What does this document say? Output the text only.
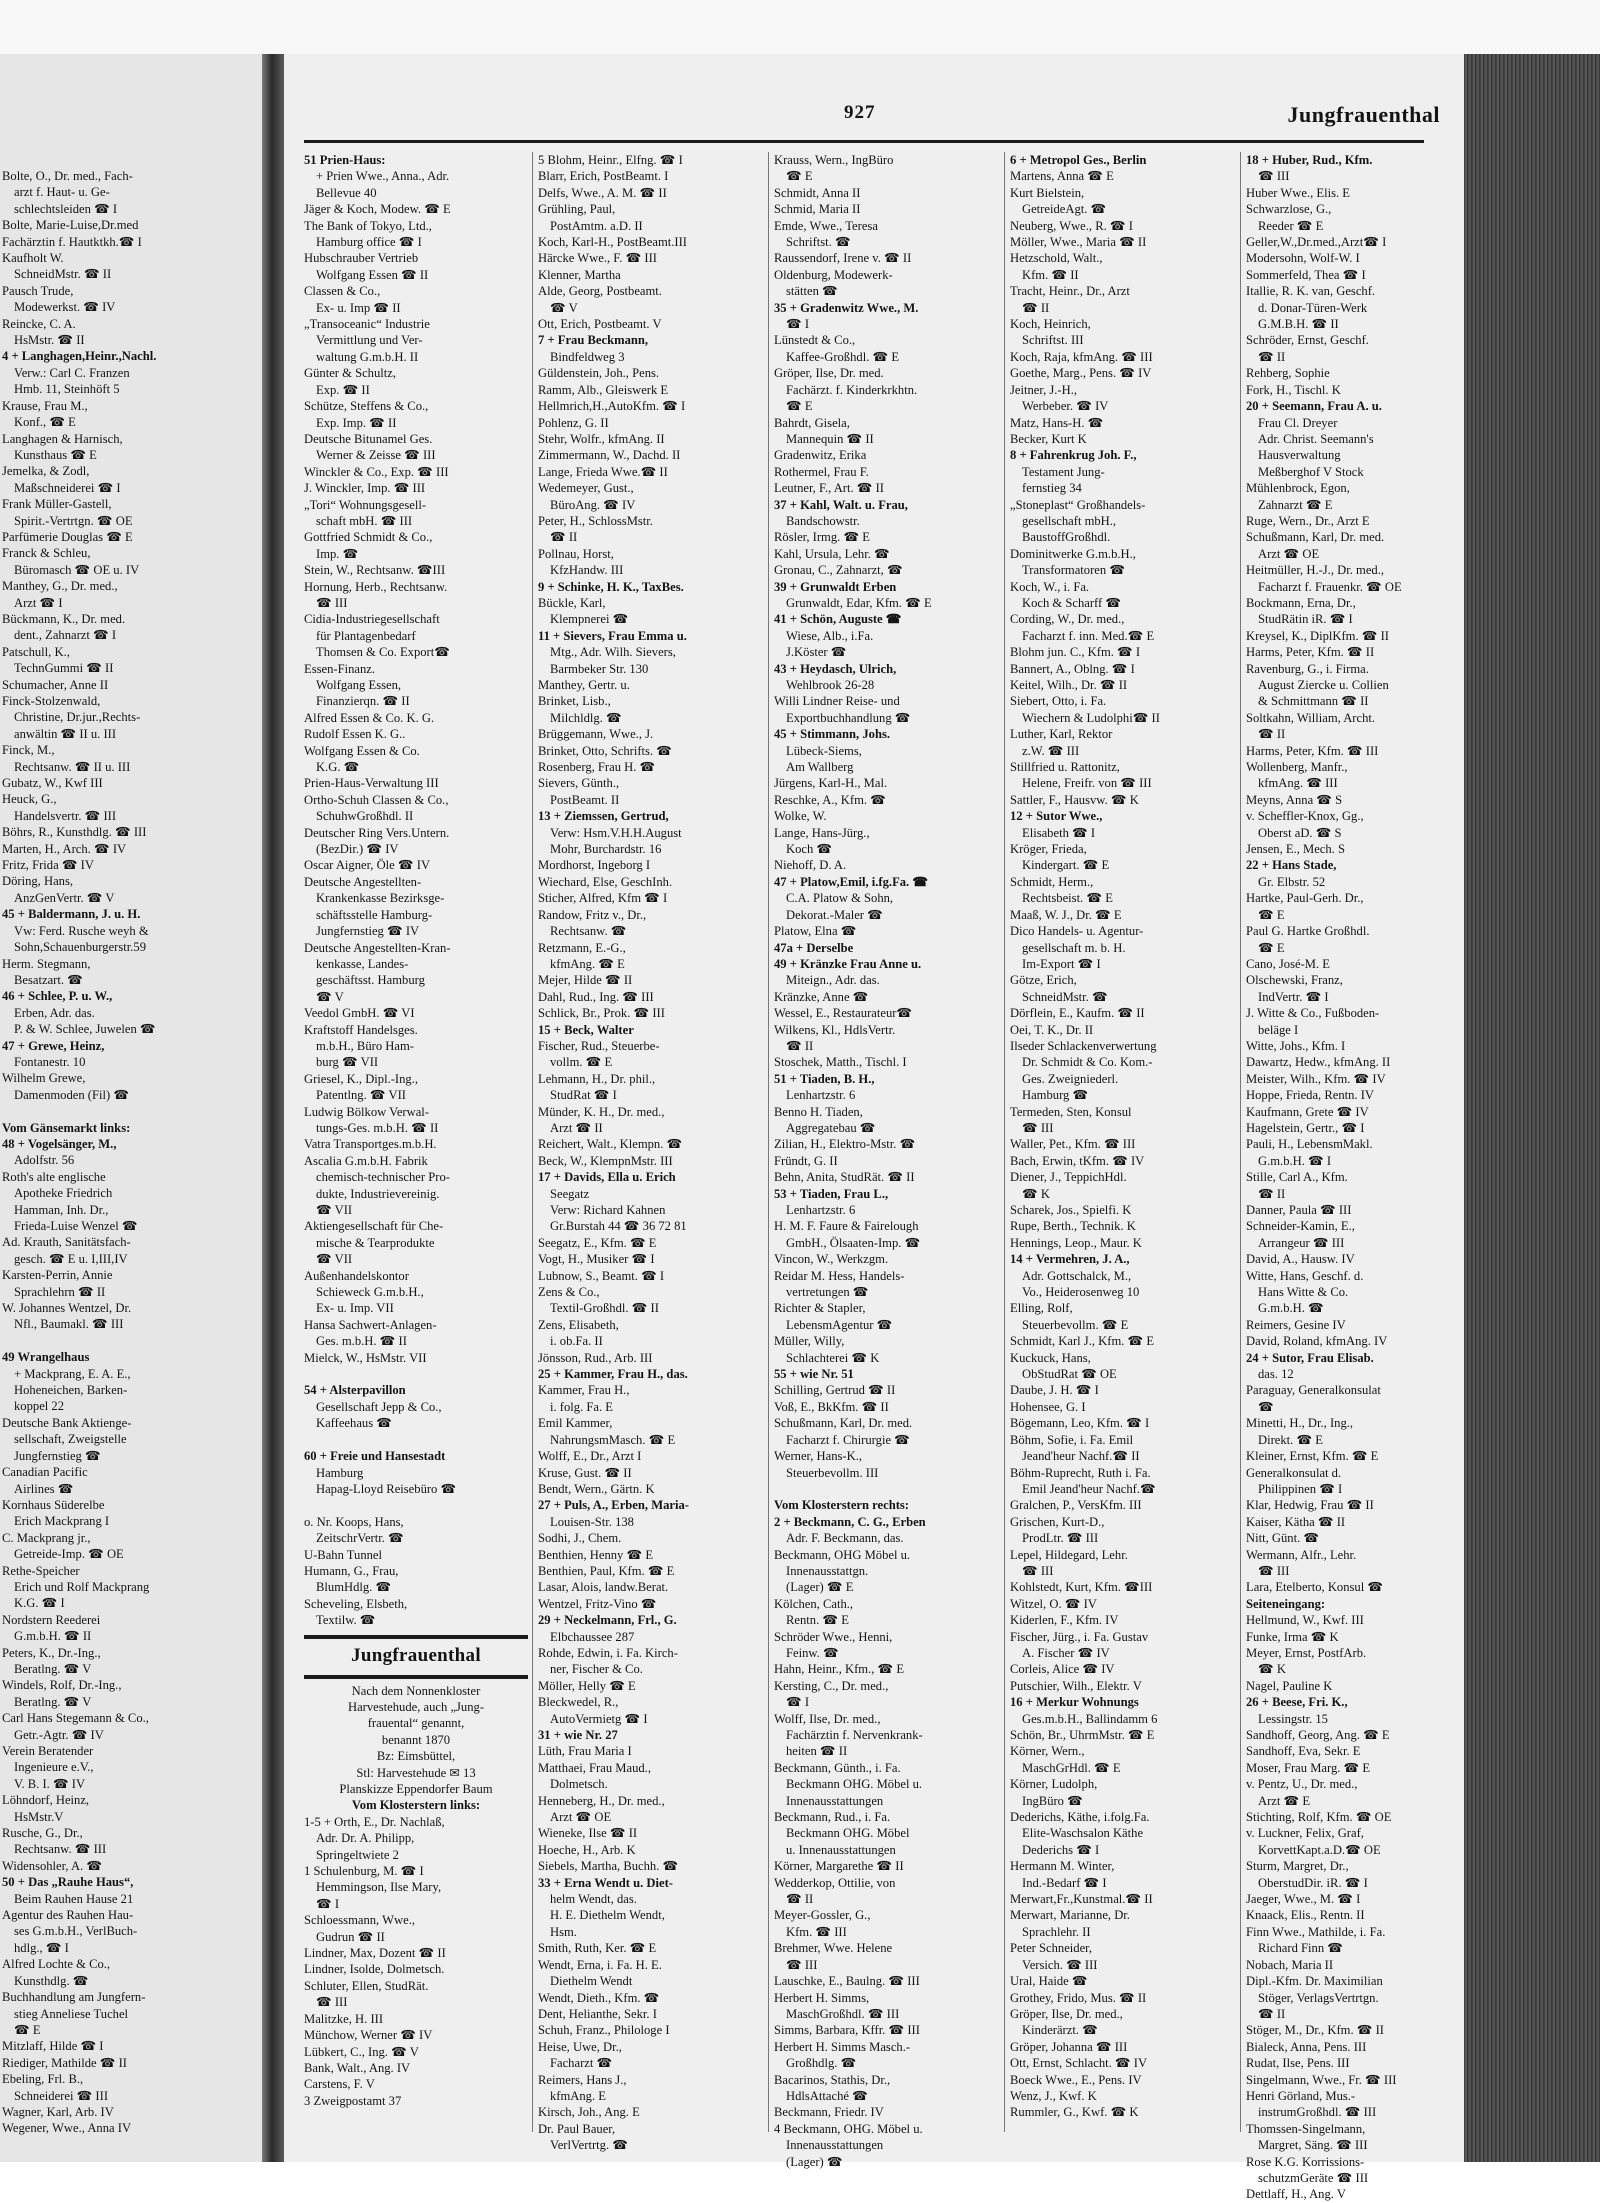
Bolte, O., Dr. med., Fach-
arzt f. Haut- u. Ge-
schlechtsleiden ☎ I
Bolte, Marie-Luise,Dr.med
Fachärztin f. Hautktkh.☎ I
Kaufholt W.
SchneidMstr. ☎ II
Pausch Trude,
Modewerkst. ☎ IV
Reincke, C. A.
HsMstr. ☎ II
4 + Langhagen,Heinr.,Nachl.
Verw.: Carl C. Franzen
Hmb. 11, Steinhöft 5
Krause, Frau M.,
Konf., ☎ E
Langhagen & Harnisch,
Kunsthaus ☎ E
Jemelka, & Zodl,
Maßschneiderei ☎ I
Frank Müller-Gastell,
Spirit.-Vertrtgn. ☎ OE
Parfümerie Douglas ☎ E
Franck & Schleu,
Büromasch ☎ OE u. IV
Manthey, G., Dr. med.,
Arzt ☎ I
Bückmann, K., Dr. med.
dent., Zahnarzt ☎ I
Patschull, K.,
TechnGummi ☎ II
Schumacher, Anne II
Finck-Stolzenwald,
Christine, Dr.jur.,Rechts-
anwältin ☎ II u. III
Finck, M.,
Rechtsanw. ☎ II u. III
Gubatz, W., Kwf III
Heuck, G.,
Handelsvertr. ☎ III
Böhrs, R., Kunsthdlg. ☎ III
Marten, H., Arch. ☎ IV
Fritz, Frida ☎ IV
Döring, Hans,
AnzGenVertr. ☎ V
45 + Baldermann, J. u. H.
Vw: Ferd. Rusche weyh &
Sohn,Schauenburgerstr.59
Herm. Stegmann,
Besatzart. ☎
46 + Schlee, P. u. W.,
Erben, Adr. das.
P. & W. Schlee, Juwelen ☎
47 + Grewe, Heinz,
Fontanestr. 10
Wilhelm Grewe,
Damenmoden (Fil) ☎

Vom Gänsemarkt links:
48 + Vogelsänger, M.,
Adolfstr. 56
Roth's alte englische
Apotheke Friedrich
Hamman, Inh. Dr.,
Frieda-Luise Wenzel ☎
Ad. Krauth, Sanitätsfach-
gesch. ☎ E u. I,III,IV
Karsten-Perrin, Annie
Sprachlehrn ☎ II
W. Johannes Wentzel, Dr.
Nfl., Baumakl. ☎ III

49 Wrangelhaus
+ Mackprang, E. A. E.,
Hoheneichen, Barken-
koppel 22
Deutsche Bank Aktienge-
sellschaft, Zweigstelle
Jungfernstieg ☎
Canadian Pacific
Airlines ☎
Kornhaus Süderelbe
Erich Mackprang I
C. Mackprang jr.,
Getreide-Imp. ☎ OE
Rethe-Speicher
Erich und Rolf Mackprang
K.G. ☎ I
Nordstern Reederei
G.m.b.H. ☎ II
Peters, K., Dr.-Ing.,
Beratlng. ☎ V
Windels, Rolf, Dr.-Ing.,
Beratlng. ☎ V
Carl Hans Stegemann & Co.,
Getr.-Agtr. ☎ IV
Verein Beratender
Ingenieure e.V.,
V. B. I. ☎ IV
Löhndorf, Heinz,
HsMstr.V
Rusche, G., Dr.,
Rechtsanw. ☎ III
Widensohler, A. ☎
50 + Das „Rauhe Haus“,
Beim Rauhen Hause 21
Agentur des Rauhen Hau-
ses G.m.b.H., VerlBuch-
hdlg., ☎ I
Alfred Lochte & Co.,
Kunsthdlg. ☎
Buchhandlung am Jungfern-
stieg Anneliese Tuchel
☎ E
Mitzlaff, Hilde ☎ I
Riediger, Mathilde ☎ II
Ebeling, Frl. B.,
Schneiderei ☎ III
Wagner, Karl, Arb. IV
Wegener, Wwe., Anna IV
927	Jungfrauenthal
51 Prien-Haus:
+ Prien Wwe., Anna., Adr.
Bellevue 40
Jäger & Koch, Modew. ☎ E
The Bank of Tokyo, Ltd.,
Hamburg office ☎ I
Hubschrauber Vertrieb
Wolfgang Essen ☎ II
Classen & Co.,
Ex- u. Imp ☎ II
„Transoceanic“ Industrie
Vermittlung und Ver-
waltung G.m.b.H. II
Günter & Schultz,
Exp. ☎ II
Schütze, Steffens & Co.,
Exp. Imp. ☎ II
Deutsche Bitunamel Ges.
Werner & Zeisse ☎ III
Winckler & Co., Exp. ☎ III
J. Winckler, Imp. ☎ III
„Tori“ Wohnungsgesell-
schaft mbH. ☎ III
Gottfried Schmidt & Co.,
Imp. ☎
Stein, W., Rechtsanw. ☎III
Hornung, Herb., Rechtsanw.
☎ III
Cidia-Industriegesellschaft
für Plantagenbedarf
Thomsen & Co. Export☎
Essen-Finanz.
Wolfgang Essen,
Finanzierqn. ☎ II
Alfred Essen & Co. K. G.
Rudolf Essen K. G..
Wolfgang Essen & Co.
K.G. ☎
Prien-Haus-Verwaltung III
Ortho-Schuh Classen & Co.,
SchuhwGroßhdl. II
Deutscher Ring Vers.Untern.
(BezDir.) ☎ IV
Oscar Aigner, Öle ☎ IV
Deutsche Angestellten-
Krankenkasse Bezirksge-
schäftsstelle Hamburg-
Jungfernstieg ☎ IV
Deutsche Angestellten-Kran-
kenkasse, Landes-
geschäftsst. Hamburg
☎ V
Veedol GmbH. ☎ VI
Kraftstoff Handelsges.
m.b.H., Büro Ham-
burg ☎ VII
Griesel, K., Dipl.-Ing.,
Patentlng. ☎ VII
Ludwig Bölkow Verwal-
tungs-Ges. m.b.H. ☎ II
Vatra Transportges.m.b.H.
Ascalia G.m.b.H. Fabrik
chemisch-technischer Pro-
dukte, Industrievereinig.
☎ VII
Aktiengesellschaft für Che-
mische & Tearprodukte
☎ VII
Außenhandelskontor
Schieweck G.m.b.H.,
Ex- u. Imp. VII
Hansa Sachwert-Anlagen-
Ges. m.b.H. ☎ II
Mielck, W., HsMstr. VII

54 + Alsterpavillon
Gesellschaft Jepp & Co.,
Kaffeehaus ☎

60 + Freie und Hansestadt
Hamburg
Hapag-Lloyd Reisebüro ☎

o. Nr. Koops, Hans,
ZeitschrVertr. ☎
U-Bahn Tunnel
Humann, G., Frau,
BlumHdlg. ☎
Scheveling, Elsbeth,
Textilw. ☎
Jungfrauenthal
Nach dem Nonnenkloster
Harvestehude, auch „Jung-
frauental“ genannt,
benannt 1870
Bz: Eimsbüttel,
Stl: Harvestehude ✉ 13
Planskizze Eppendorfer Baum
Vom Klosterstern links:
1-5 + Orth, E., Dr. Nachlaß,
Adr. Dr. A. Philipp,
Springeltwiete 2
1 Schulenburg, M. ☎ I
Hemmingson, Ilse Mary,
☎ I
Schloessmann, Wwe.,
Gudrun ☎ II
Lindner, Max, Dozent ☎ II
Lindner, Isolde, Dolmetsch.
Schluter, Ellen, StudRät.
☎ III
Malitzke, H. III
Münchow, Werner ☎ IV
Lübkert, C., Ing. ☎ V
Bank, Walt., Ang. IV
Carstens, F. V
3 Zweigpostamt 37
5 Blohm, Heinr., Elfng. ☎ I
Blarr, Erich, PostBeamt. I
Delfs, Wwe., A. M. ☎ II
Grühling, Paul,
PostAmtm. a.D. II
Koch, Karl-H., PostBeamt.III
Härcke Wwe., F. ☎ III
Klenner, Martha
Alde, Georg, Postbeamt.
☎ V
Ott, Erich, Postbeamt. V
7 + Frau Beckmann,
Bindfeldweg 3
Güldenstein, Joh., Pens.
Ramm, Alb., Gleiswerk E
Hellmrich,H.,AutoKfm. ☎ I
Pohlenz, G. II
Stehr, Wolfr., kfmAng. II
Zimmermann, W., Dachd. II
Lange, Frieda Wwe.☎ II
Wedemeyer, Gust.,
BüroAng. ☎ IV
Peter, H., SchlossMstr.
☎ II
Pollnau, Horst,
KfzHandw. III
9 + Schinke, H. K., TaxBes.
Bückle, Karl,
Klempnerei ☎
11 + Sievers, Frau Emma u.
Mtg., Adr. Wilh. Sievers,
Barmbeker Str. 130
Manthey, Gertr. u.
Brinket, Lisb.,
Milchldlg. ☎
Brüggemann, Wwe., J.
Brinket, Otto, Schrifts. ☎
Rosenberg, Frau H. ☎
Sievers, Günth.,
PostBeamt. II
13 + Ziemssen, Gertrud,
Verw: Hsm.V.H.H.August
Mohr, Burchardstr. 16
Mordhorst, Ingeborg I
Wiechard, Else, GeschInh.
Sticher, Alfred, Kfm ☎ I
Randow, Fritz v., Dr.,
Rechtsanw. ☎
Retzmann, E.-G.,
kfmAng. ☎ E
Mejer, Hilde ☎ II
Dahl, Rud., Ing. ☎ III
Schlick, Br., Prok. ☎ III
15 + Beck, Walter
Fischer, Rud., Steuerbe-
vollm. ☎ E
Lehmann, H., Dr. phil.,
StudRat ☎ I
Münder, K. H., Dr. med.,
Arzt ☎ II
Reichert, Walt., Klempn. ☎
Beck, W., KlempnMstr. III
17 + Davids, Ella u. Erich
Seegatz
Verw: Richard Kahnen
Gr.Burstah 44 ☎ 36 72 81
Seegatz, E., Kfm. ☎ E
Vogt, H., Musiker ☎ I
Lubnow, S., Beamt. ☎ I
Zens & Co.,
Textil-Großhdl. ☎ II
Zens, Elisabeth,
i. ob.Fa. II
Jönsson, Rud., Arb. III
25 + Kammer, Frau H., das.
Kammer, Frau H.,
i. folg. Fa. E
Emil Kammer,
NahrungsmMasch. ☎ E
Wolff, E., Dr., Arzt I
Kruse, Gust. ☎ II
Bendt, Wern., Gärtn. K
27 + Puls, A., Erben, Maria-
Louisen-Str. 138
Sodhi, J., Chem.
Benthien, Henny ☎ E
Benthien, Paul, Kfm. ☎ E
Lasar, Alois, landw.Berat.
Wentzel, Fritz-Vino ☎
29 + Neckelmann, Frl., G.
Elbchaussee 287
Rohde, Edwin, i. Fa. Kirch-
ner, Fischer & Co.
Möller, Helly ☎ E
Bleckwedel, R.,
AutoVermietg ☎ I
31 + wie Nr. 27
Lüth, Frau Maria I
Matthaei, Frau Maud.,
Dolmetsch.
Henneberg, H., Dr. med.,
Arzt ☎ OE
Wieneke, Ilse ☎ II
Hoeche, H., Arb. K
Siebels, Martha, Buchh. ☎
33 + Erna Wendt u. Diet-
helm Wendt, das.
H. E. Diethelm Wendt,
Hsm.
Smith, Ruth, Ker. ☎ E
Wendt, Erna, i. Fa. H. E.
Diethelm Wendt
Wendt, Dieth., Kfm. ☎
Dent, Helianthe, Sekr. I
Schuh, Franz., Philologe I
Heise, Uwe, Dr.,
Facharzt ☎
Reimers, Hans J.,
kfmAng. E
Kirsch, Joh., Ang. E
Dr. Paul Bauer,
VerlVertrtg. ☎
Krauss, Wern., IngBüro
☎ E
Schmidt, Anna II
Schmid, Maria II
Emde, Wwe., Teresa
Schriftst. ☎
Raussendorf, Irene v. ☎ II
Oldenburg, Modewerk-
stätten ☎
35 + Gradenwitz Wwe., M.
☎ I
Lünstedt & Co.,
Kaffee-Großhdl. ☎ E
Gröper, Ilse, Dr. med.
Fachärzt. f. Kinderkrkhtn.
☎ E
Bahrdt, Gisela,
Mannequin ☎ II
Gradenwitz, Erika
Rothermel, Frau F.
Leutner, F., Art. ☎ II
37 + Kahl, Walt. u. Frau,
Bandschowstr.
Rösler, Irmg. ☎ E
Kahl, Ursula, Lehr. ☎
Gronau, C., Zahnarzt, ☎
39 + Grunwaldt Erben
Grunwaldt, Edar, Kfm. ☎ E
41 + Schön, Auguste ☎
Wiese, Alb., i.Fa.
J.Köster ☎
43 + Heydasch, Ulrich,
Wehlbrook 26-28
Willi Lindner Reise- und
Exportbuchhandlung ☎
45 + Stimmann, Johs.
Lübeck-Siems,
Am Wallberg
Jürgens, Karl-H., Mal.
Reschke, A., Kfm. ☎
Wolke, W.
Lange, Hans-Jürg.,
Koch ☎
Niehoff, D. A.
47 + Platow,Emil, i.fg.Fa. ☎
C.A. Platow & Sohn,
Dekorat.-Maler ☎
Platow, Elna ☎
47a + Derselbe
49 + Kränzke Frau Anne u.
Miteign., Adr. das.
Kränzke, Anne ☎
Wessel, E., Restaurateur☎
Wilkens, Kl., HdlsVertr.
☎ II
Stoschek, Matth., Tischl. I
51 + Tiaden, B. H.,
Lenhartzstr. 6
Benno H. Tiaden,
Aggregatebau ☎
Zilian, H., Elektro-Mstr. ☎
Fründt, G. II
Behn, Anita, StudRät. ☎ II
53 + Tiaden, Frau L.,
Lenhartzstr. 6
H. M. F. Faure & Fairelough
GmbH., Ölsaaten-Imp. ☎
Vincon, W., Werkzgm.
Reidar M. Hess, Handels-
vertretungen ☎
Richter & Stapler,
LebensmAgentur ☎
Müller, Willy,
Schlachterei ☎ K
55 + wie Nr. 51
Schilling, Gertrud ☎ II
Voß, E., BkKfm. ☎ II
Schußmann, Karl, Dr. med.
Facharzt f. Chirurgie ☎
Werner, Hans-K.,
Steuerbevollm. III

Vom Klosterstern rechts:
2 + Beckmann, C. G., Erben
Adr. F. Beckmann, das.
Beckmann, OHG Möbel u.
Innenausstattgn.
(Lager) ☎ E
Kölchen, Cath.,
Rentn. ☎ E
Schröder Wwe., Henni,
Feinw. ☎
Hahn, Heinr., Kfm., ☎ E
Kersting, C., Dr. med.,
☎ I
Wolff, Ilse, Dr. med.,
Fachärztin f. Nervenkrank-
heiten ☎ II
Beckmann, Günth., i. Fa.
Beckmann OHG. Möbel u.
Innenausstattungen
Beckmann, Rud., i. Fa.
Beckmann OHG. Möbel
u. Innenausstattungen
Körner, Margarethe ☎ II
Wedderkop, Ottilie, von
☎ II
Meyer-Gossler, G.,
Kfm. ☎ III
Brehmer, Wwe. Helene
☎ III
Lauschke, E., Baulng. ☎ III
Herbert H. Simms,
MaschGroßhdl. ☎ III
Simms, Barbara, Kffr. ☎ III
Herbert H. Simms Masch.-
Großhdlg. ☎
Bacarinos, Stathis, Dr.,
HdlsAttaché ☎
Beckmann, Friedr. IV
4 Beckmann, OHG. Möbel u.
Innenausstattungen
(Lager) ☎
6 + Metropol Ges., Berlin
Martens, Anna ☎ E
Kurt Bielstein,
GetreideAgt. ☎
Neuberg, Wwe., R. ☎ I
Möller, Wwe., Maria ☎ II
Hetzschold, Walt.,
Kfm. ☎ II
Tracht, Heinr., Dr., Arzt
☎ II
Koch, Heinrich,
Schriftst. III
Koch, Raja, kfmAng. ☎ III
Goethe, Marg., Pens. ☎ IV
Jeitner, J.-H.,
Werbeber. ☎ IV
Matz, Hans-H. ☎
Becker, Kurt K
8 + Fahrenkrug Joh. F.,
Testament Jung-
fernstieg 34
„Stoneplast“ Großhandels-
gesellschaft mbH.,
BaustoffGroßhdl.
Dominitwerke G.m.b.H.,
Transformatoren ☎
Koch, W., i. Fa.
Koch & Scharff ☎
Cording, W., Dr. med.,
Facharzt f. inn. Med.☎ E
Blohm jun. C., Kfm. ☎ I
Bannert, A., Oblng. ☎ I
Keitel, Wilh., Dr. ☎ II
Siebert, Otto, i. Fa.
Wiechern & Ludolphi☎ II
Luther, Karl, Rektor
z.W. ☎ III
Stillfried u. Rattonitz,
Helene, Freifr. von ☎ III
Sattler, F., Hausvw. ☎ K
12 + Sutor Wwe.,
Elisabeth ☎ I
Kröger, Frieda,
Kindergart. ☎ E
Schmidt, Herm.,
Rechtsbeist. ☎ E
Maaß, W. J., Dr. ☎ E
Dico Handels- u. Agentur-
gesellschaft m. b. H.
Im-Export ☎ I
Götze, Erich,
SchneidMstr. ☎
Dörflein, E., Kaufm. ☎ II
Oei, T. K., Dr. II
Ilseder Schlackenverwertung
Dr. Schmidt & Co. Kom.-
Ges. Zweigniederl.
Hamburg ☎
Termeden, Sten, Konsul
☎ III
Waller, Pet., Kfm. ☎ III
Bach, Erwin, tKfm. ☎ IV
Diener, J., TeppichHdl.
☎ K
Scharek, Jos., Spielfi. K
Rupe, Berth., Technik. K
Hennings, Leop., Maur. K
14 + Vermehren, J. A.,
Adr. Gottschalck, M.,
Vo., Heiderosenweg 10
Elling, Rolf,
Steuerbevollm. ☎ E
Schmidt, Karl J., Kfm. ☎ E
Kuckuck, Hans,
ObStudRat ☎ OE
Daube, J. H. ☎ I
Hohensee, G. I
Bögemann, Leo, Kfm. ☎ I
Böhm, Sofie, i. Fa. Emil
Jeand'heur Nachf.☎ II
Böhm-Ruprecht, Ruth i. Fa.
Emil Jeand'heur Nachf.☎
Gralchen, P., VersKfm. III
Grischen, Kurt-D.,
ProdLtr. ☎ III
Lepel, Hildegard, Lehr.
☎ III
Kohlstedt, Kurt, Kfm. ☎III
Witzel, O. ☎ IV
Kiderlen, F., Kfm. IV
Fischer, Jürg., i. Fa. Gustav
A. Fischer ☎ IV
Corleis, Alice ☎ IV
Putschier, Wilh., Elektr. V
16 + Merkur Wohnungs
Ges.m.b.H., Ballindamm 6
Schön, Br., UhrmMstr. ☎ E
Körner, Wern.,
MaschGrHdl. ☎ E
Körner, Ludolph,
IngBüro ☎
Dederichs, Käthe, i.folg.Fa.
Elite-Waschsalon Käthe
Dederichs ☎ I
Hermann M. Winter,
Ind.-Bedarf ☎ I
Merwart,Fr.,Kunstmal.☎ II
Merwart, Marianne, Dr.
Sprachlehr. II
Peter Schneider,
Versich. ☎ III
Ural, Haide ☎
Grothey, Frido, Mus. ☎ II
Gröper, Ilse, Dr. med.,
Kinderärzt. ☎
Gröper, Johanna ☎ III
Ott, Ernst, Schlacht. ☎ IV
Boeck Wwe., E., Pens. IV
Wenz, J., Kwf. K
Rummler, G., Kwf. ☎ K
18 + Huber, Rud., Kfm.
☎ III
Huber Wwe., Elis. E
Schwarzlose, G.,
Reeder ☎ E
Geller,W.,Dr.med.,Arzt☎ I
Modersohn, Wolf-W. I
Sommerfeld, Thea ☎ I
Itallie, R. K. van, Geschf.
d. Donar-Türen-Werk
G.M.B.H. ☎ II
Schröder, Ernst, Geschf.
☎ II
Rehberg, Sophie
Fork, H., Tischl. K
20 + Seemann, Frau A. u.
Frau Cl. Dreyer
Adr. Christ. Seemann's
Hausverwaltung
Meßberghof V Stock
Mühlenbrock, Egon,
Zahnarzt ☎ E
Ruge, Wern., Dr., Arzt E
Schußmann, Karl, Dr. med.
Arzt ☎ OE
Heitmüller, H.-J., Dr. med.,
Facharzt f. Frauenkr. ☎ OE
Bockmann, Erna, Dr.,
StudRätin iR. ☎ I
Kreysel, K., DiplKfm. ☎ II
Harms, Peter, Kfm. ☎ II
Ravenburg, G., i. Firma.
August Ziercke u. Collien
& Schmittmann ☎ II
Soltkahn, William, Archt.
☎ II
Harms, Peter, Kfm. ☎ III
Wollenberg, Manfr.,
kfmAng. ☎ III
Meyns, Anna ☎ S
v. Scheffler-Knox, Gg.,
Oberst aD. ☎ S
Jensen, E., Mech. S
22 + Hans Stade,
Gr. Elbstr. 52
Hartke, Paul-Gerh. Dr.,
☎ E
Paul G. Hartke Großhdl.
☎ E
Cano, José-M. E
Olschewski, Franz,
IndVertr. ☎ I
J. Witte & Co., Fußboden-
beläge I
Witte, Johs., Kfm. I
Dawartz, Hedw., kfmAng. II
Meister, Wilh., Kfm. ☎ IV
Hoppe, Frieda, Rentn. IV
Kaufmann, Grete ☎ IV
Hagelstein, Gertr., ☎ I
Pauli, H., LebensmMakl.
G.m.b.H. ☎ I
Stille, Carl A., Kfm.
☎ II
Danner, Paula ☎ III
Schneider-Kamin, E.,
Arrangeur ☎ III
David, A., Hausw. IV
Witte, Hans, Geschf. d.
Hans Witte & Co.
G.m.b.H. ☎
Reimers, Gesine IV
David, Roland, kfmAng. IV
24 + Sutor, Frau Elisab.
das. 12
Paraguay, Generalkonsulat
☎
Minetti, H., Dr., Ing.,
Direkt. ☎ E
Kleiner, Ernst, Kfm. ☎ E
Generalkonsulat d.
Philippinen ☎ I
Klar, Hedwig, Frau ☎ II
Kaiser, Kätha ☎ II
Nitt, Günt. ☎
Wermann, Alfr., Lehr.
☎ III
Lara, Etelberto, Konsul ☎
Seiteneingang:
Hellmund, W., Kwf. III
Funke, Irma ☎ K
Meyer, Ernst, PostfArb.
☎ K
Nagel, Pauline K
26 + Beese, Fri. K.,
Lessingstr. 15
Sandhoff, Georg, Ang. ☎ E
Sandhoff, Eva, Sekr. E
Moser, Frau Marg. ☎ E
v. Pentz, U., Dr. med.,
Arzt ☎ E
Stichting, Rolf, Kfm. ☎ OE
v. Luckner, Felix, Graf,
KorvettKapt.a.D.☎ OE
Sturm, Margret, Dr.,
OberstudDir. iR. ☎ I
Jaeger, Wwe., M. ☎ I
Knaack, Elis., Rentn. II
Finn Wwe., Mathilde, i. Fa.
Richard Finn ☎
Nobach, Maria II
Dipl.-Kfm. Dr. Maximilian
Stöger, VerlagsVertrtgn.
☎ II
Stöger, M., Dr., Kfm. ☎ II
Bialeck, Anna, Pens. III
Rudat, Ilse, Pens. III
Singelmann, Wwe., Fr. ☎ III
Henri Görland, Mus.-
instrumGroßhdl. ☎ III
Thomssen-Singelmann,
Margret, Säng. ☎ III
Rose K.G. Korrissions-
schutzmGeräte ☎ III
Dettlaff, H., Ang. V
